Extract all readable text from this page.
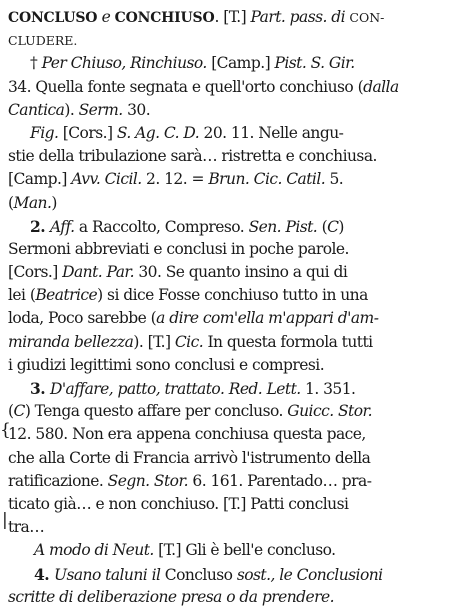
CONCLUSO e CONCHIUSO. [T.] Part. pass. di CON-
CLUDERE.
† Per Chiuso, Rinchiuso. [Camp.] Pist. S. Gir.
34. Quella fonte segnata e quell'orto conchiuso (dalla
Cantica). Serm. 30.
Fig. [Cors.] S. Ag. C. D. 20. 11. Nelle angu-
stie della tribulazione sarà… ristretta e conchiusa.
[Camp.] Avv. Cicil. 2. 12. = Brun. Cic. Catil. 5.
(Man.)
2. Aff. a Raccolto, Compreso. Sen. Pist. (C)
Sermoni abbreviati e conclusi in poche parole.
[Cors.] Dant. Par. 30. Se quanto insino a qui di
lei (Beatrice) si dice Fosse conchiuso tutto in una
loda, Poco sarebbe (a dire com'ella m'appari d'am-
mirandа bellezza). [T.] Cic. In questa formola tutti
i giudizi legittimi sono conclusi e compresi.
3. D'affare, patto, trattato. Red. Lett. 1. 351.
(C) Tenga questo affare per concluso. Guicc. Stor.
12. 580. Non era appena conchiusa questa pace,
che alla Corte di Francia arrivò l'istrumento della
ratificazione. Segn. Stor. 6. 161. Parentado… pra-
ticato già… e non conchiuso. [T.] Patti conclusi
tra…
A modo di Neut. [T.] Gli è bell'e concluso.
4. Usano taluni il Concluso sost., le Conclusioni
scritte di deliberazione presa o da prendere.
{
|
